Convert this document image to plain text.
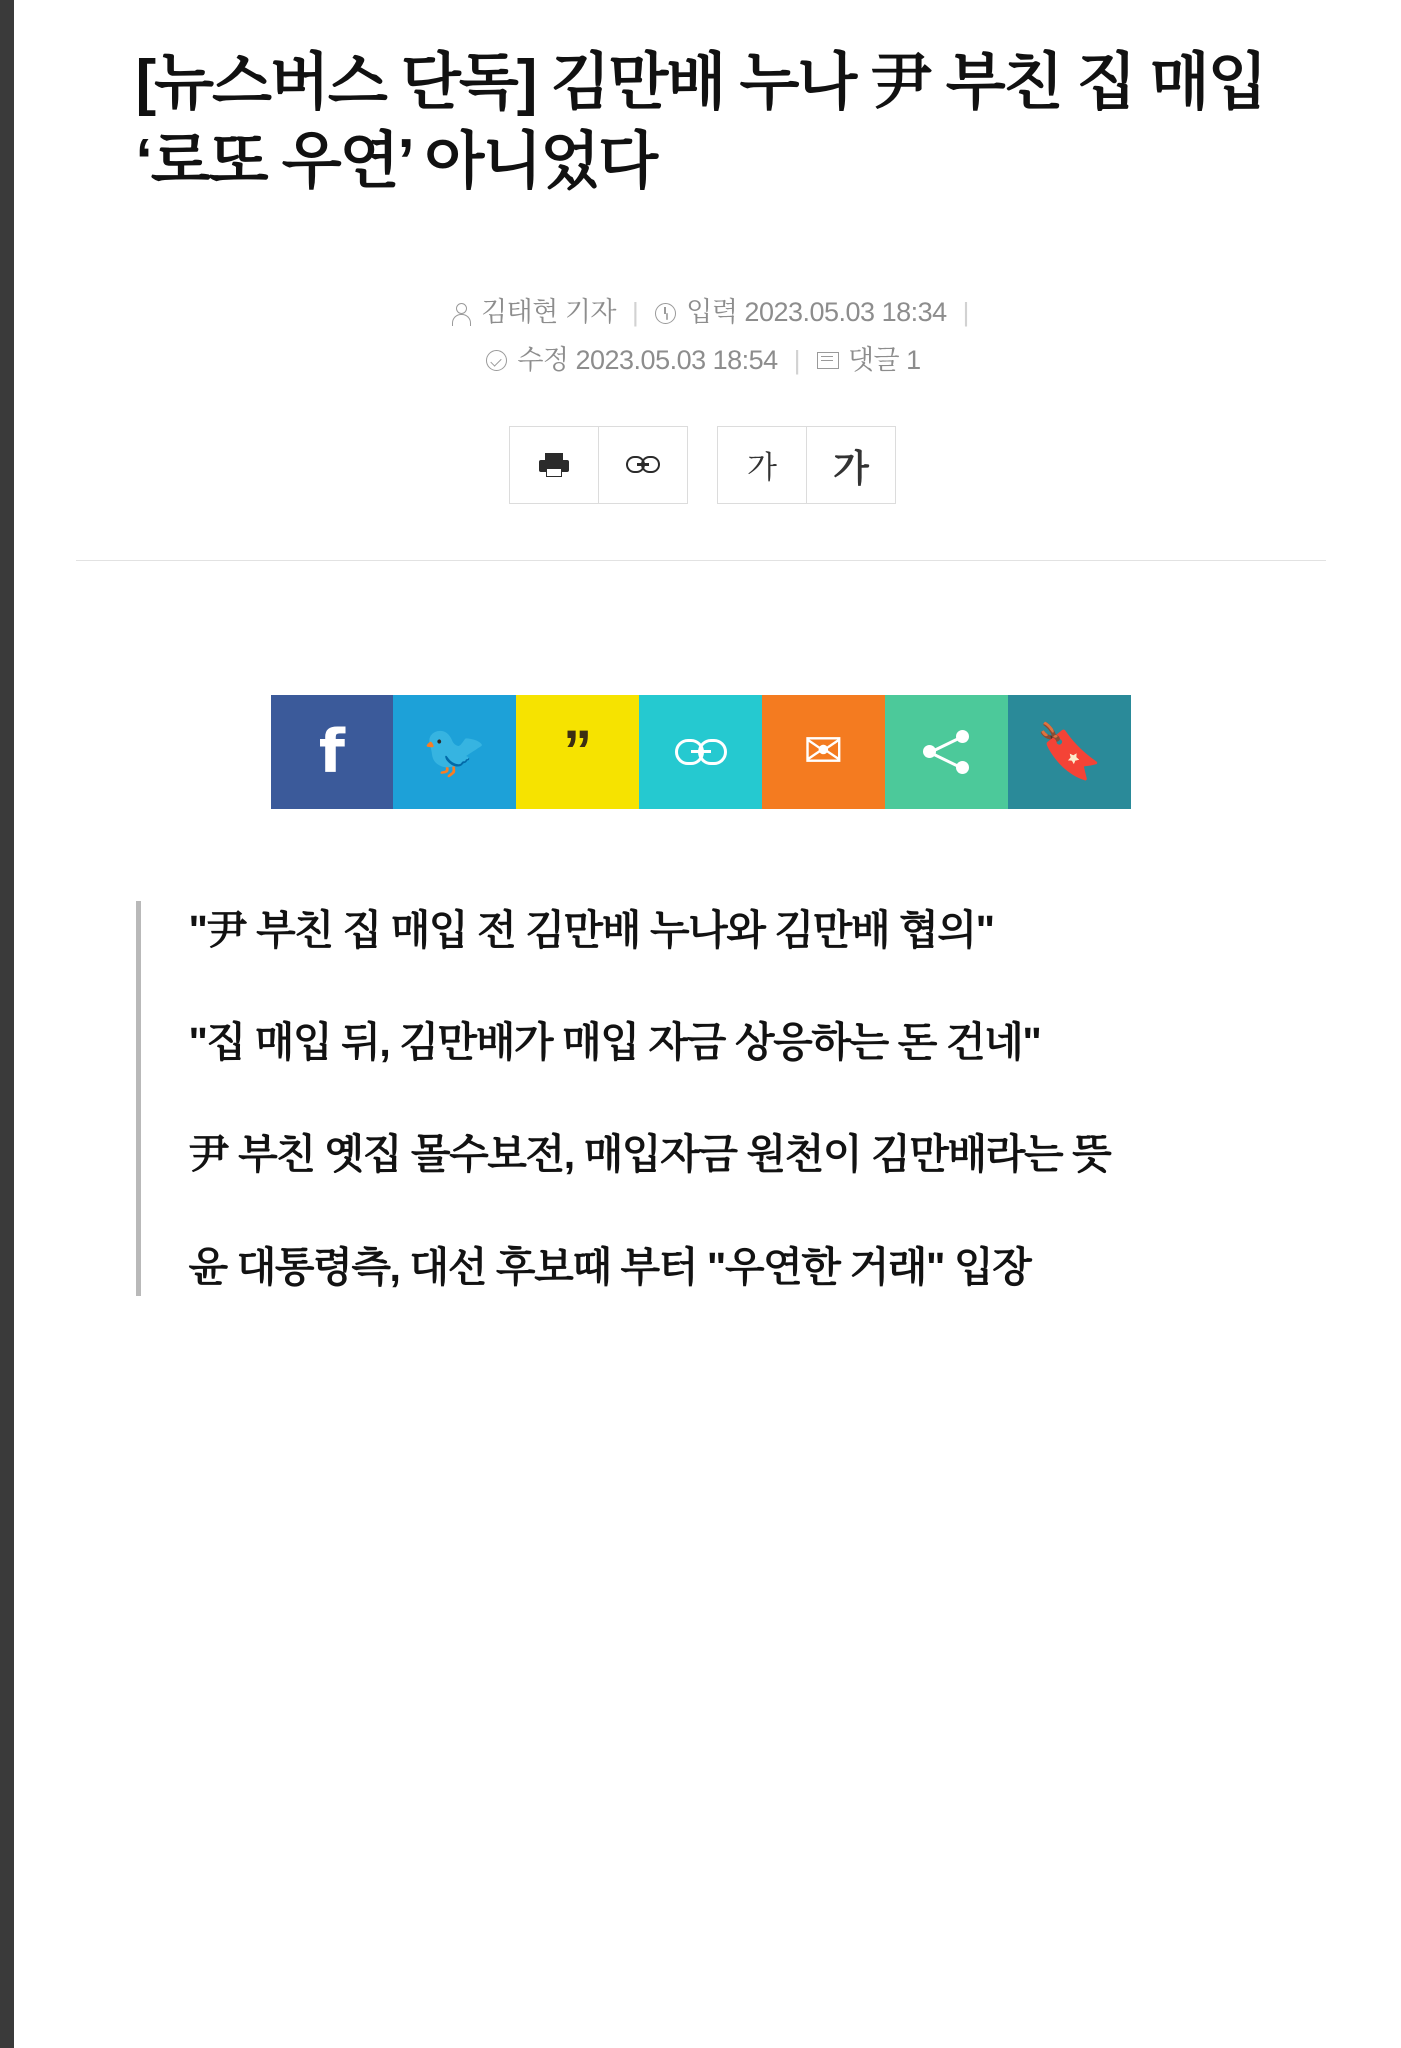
[뉴스버스 단독] 김만배 누나 尹 부친 집 매입 ‘로또 우연’ 아니었다
김태현 기자 | 입력 2023.05.03 18:34 |
수정 2023.05.03 18:54 | 댓글 1
가 가
f 🐦 ”	✉	🔖

"尹 부친 집 매입 전 김만배 누나와 김만배 협의"

"집 매입 뒤, 김만배가 매입 자금 상응하는 돈 건네"

尹 부친 옛집 몰수보전, 매입자금 원천이 김만배라는 뜻

윤 대통령측, 대선 후보때 부터 "우연한 거래" 입장
